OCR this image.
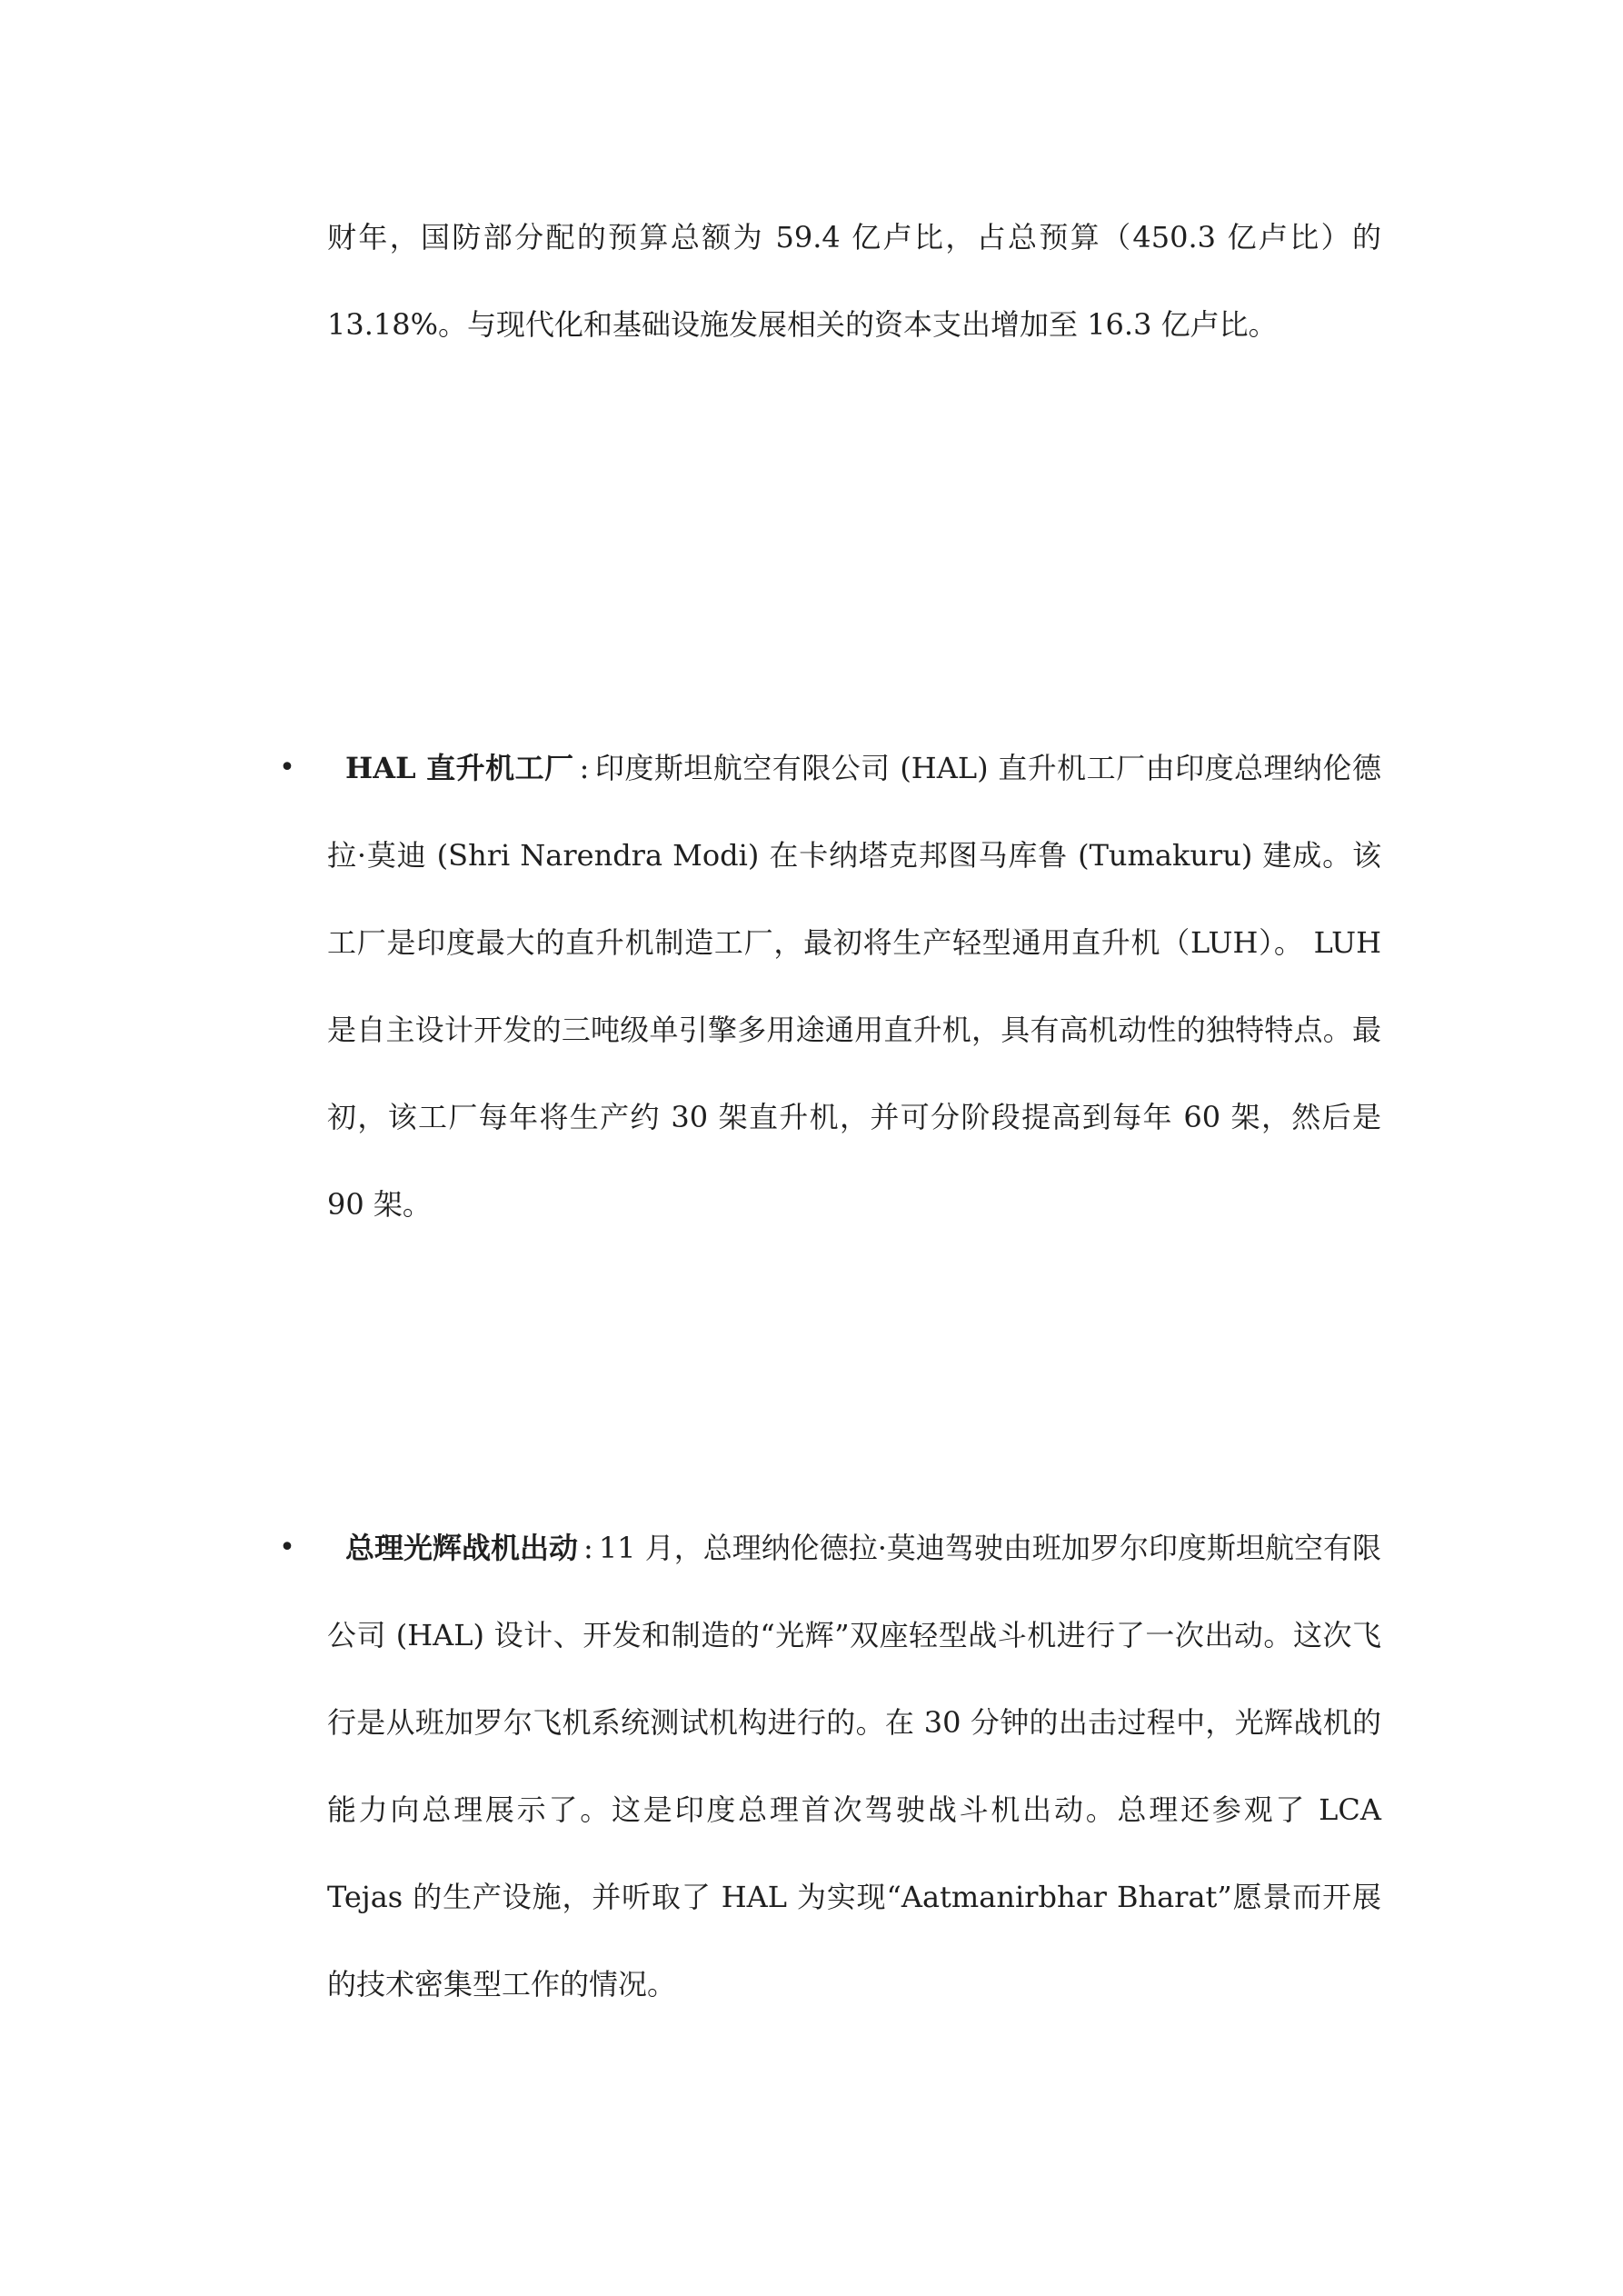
财年，国防部分配的预算总额为 59.4 亿卢比，占总预算（450.3 亿卢比）的 13.18%。与现代化和基础设施发展相关的资本支出增加至 16.3 亿卢比。
• HAL 直升机工厂 : 印度斯坦航空有限公司 (HAL) 直升机工厂由印度总理纳伦德拉·莫迪 (Shri Narendra Modi) 在卡纳塔克邦图马库鲁 (Tumakuru) 建成。该工厂是印度最大的直升机制造工厂，最初将生产轻型通用直升机（LUH）。 LUH 是自主设计开发的三吨级单引擎多用途通用直升机，具有高机动性的独特特点。最初，该工厂每年将生产约 30 架直升机，并可分阶段提高到每年 60 架，然后是 90 架。
• 总理光辉战机出动 : 11 月，总理纳伦德拉·莫迪驾驶由班加罗尔印度斯坦航空有限公司 (HAL) 设计、开发和制造的“光辉”双座轻型战斗机进行了一次出动。这次飞行是从班加罗尔飞机系统测试机构进行的。在 30 分钟的出击过程中，光辉战机的能力向总理展示了。这是印度总理首次驾驶战斗机出动。总理还参观了 LCA Tejas 的生产设施，并听取了 HAL 为实现“Aatmanirbhar Bharat”愿景而开展的技术密集型工作的情况。
